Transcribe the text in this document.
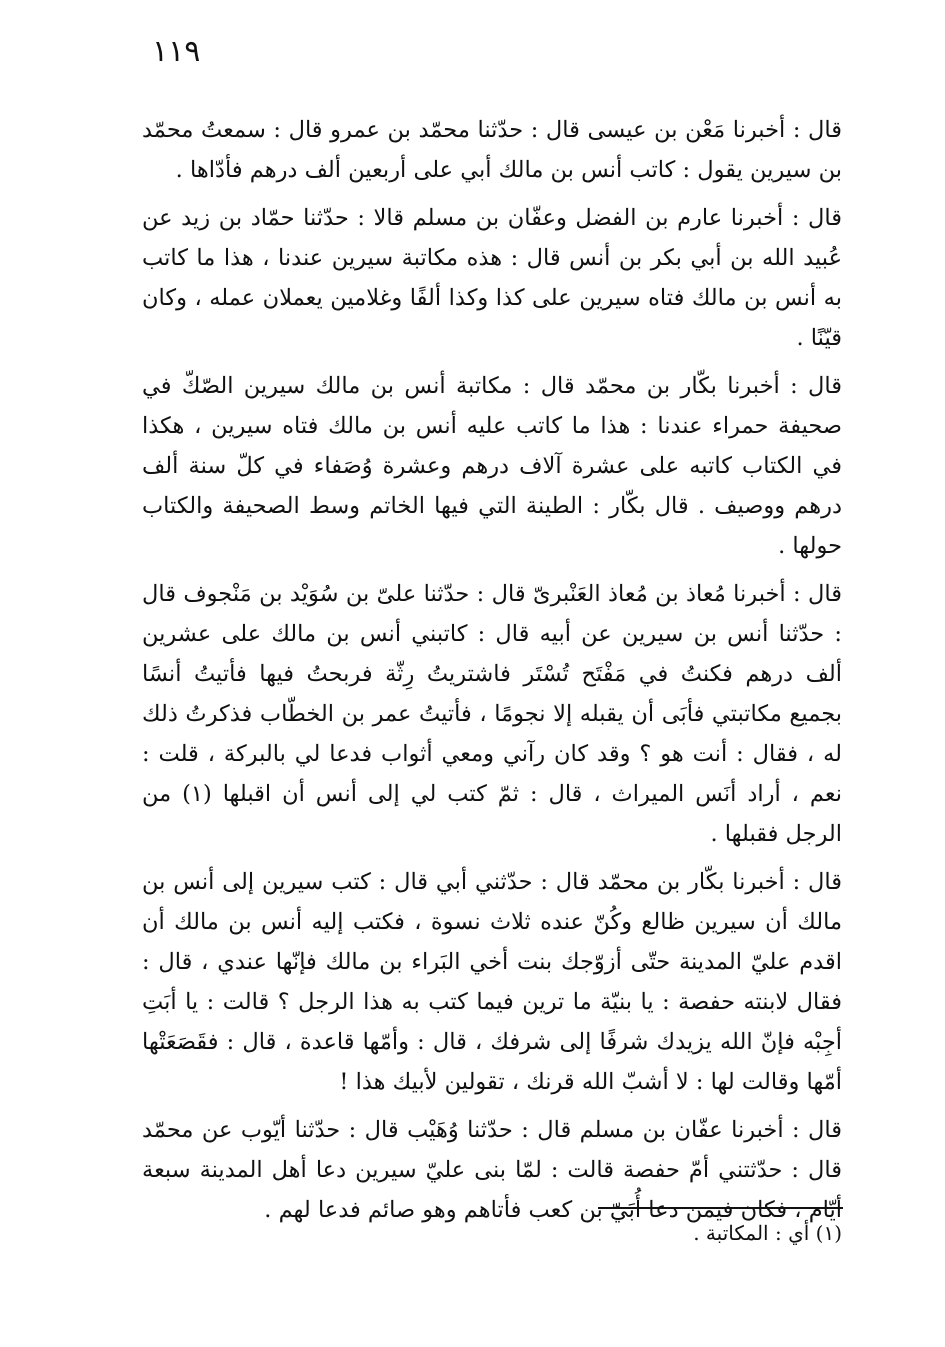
١١٩

قال : أخبرنا مَعْن بن عيسى قال : حدّثنا محمّد بن عمرو قال : سمعتُ محمّد بن سيرين يقول : كاتب أنس بن مالك أبي على أربعين ألف درهم فأدّاها .

قال : أخبرنا عارم بن الفضل وعفّان بن مسلم قالا : حدّثنا حمّاد بن زيد عن عُبيد الله بن أبي بكر بن أنس قال : هذه مكاتبة سيرين عندنا ، هذا ما كاتب به أنس بن مالك فتاه سيرين على كذا وكذا ألفًا وغلامين يعملان عمله ، وكان قيّنًا .

قال : أخبرنا بكّار بن محمّد قال : مكاتبة أنس بن مالك سيرين الصّكّ في صحيفة حمراء عندنا : هذا ما كاتب عليه أنس بن مالك فتاه سيرين ، هكذا في الكتاب كاتبه على عشرة آلاف درهم وعشرة وُصَفاء في كلّ سنة ألف درهم ووصيف . قال بكّار : الطينة التي فيها الخاتم وسط الصحيفة والكتاب حولها .

قال : أخبرنا مُعاذ بن مُعاذ العَنْبرىّ قال : حدّثنا علىّ بن سُوَيْد بن مَنْجوف قال : حدّثنا أنس بن سيرين عن أبيه قال : كاتبني أنس بن مالك على عشرين ألف درهم فكنتُ في مَفْتَح تُسْتَر فاشتريتُ رِثّة فربحتُ فيها فأتيتُ أنسًا بجميع مكاتبتي فأبَى أن يقبله إلا نجومًا ، فأتيتُ عمر بن الخطّاب فذكرتُ ذلك له ، فقال : أنت هو ؟ وقد كان رآني ومعي أثواب فدعا لي بالبركة ، قلت : نعم ، أراد أنَس الميراث ، قال : ثمّ كتب لي إلى أنس أن اقبلها (١) من الرجل فقبلها .

قال : أخبرنا بكّار بن محمّد قال : حدّثني أبي قال : كتب سيرين إلى أنس بن مالك أن سيرين ظالع وكُنّ عنده ثلاث نسوة ، فكتب إليه أنس بن مالك أن اقدم عليّ المدينة حتّى أزوّجك بنت أخي البَراء بن مالك فإنّها عندي ، قال : فقال لابنته حفصة : يا بنيّة ما ترين فيما كتب به هذا الرجل ؟ قالت : يا أبَتِ أجِبْه فإنّ الله يزيدك شرفًا إلى شرفك ، قال : وأمّها قاعدة ، قال : فقَصَعَتْها أمّها وقالت لها : لا أشبّ الله قرنك ، تقولين لأبيك هذا !

قال : أخبرنا عفّان بن مسلم قال : حدّثنا وُهَيْب قال : حدّثنا أيّوب عن محمّد قال : حدّثتني أمّ حفصة قالت : لمّا بنى عليّ سيرين دعا أهل المدينة سبعة أيّام ، فكان فيمن دعا أُبَيّ بن كعب فأتاهم وهو صائم فدعا لهم .

(١) أي : المكاتبة .
